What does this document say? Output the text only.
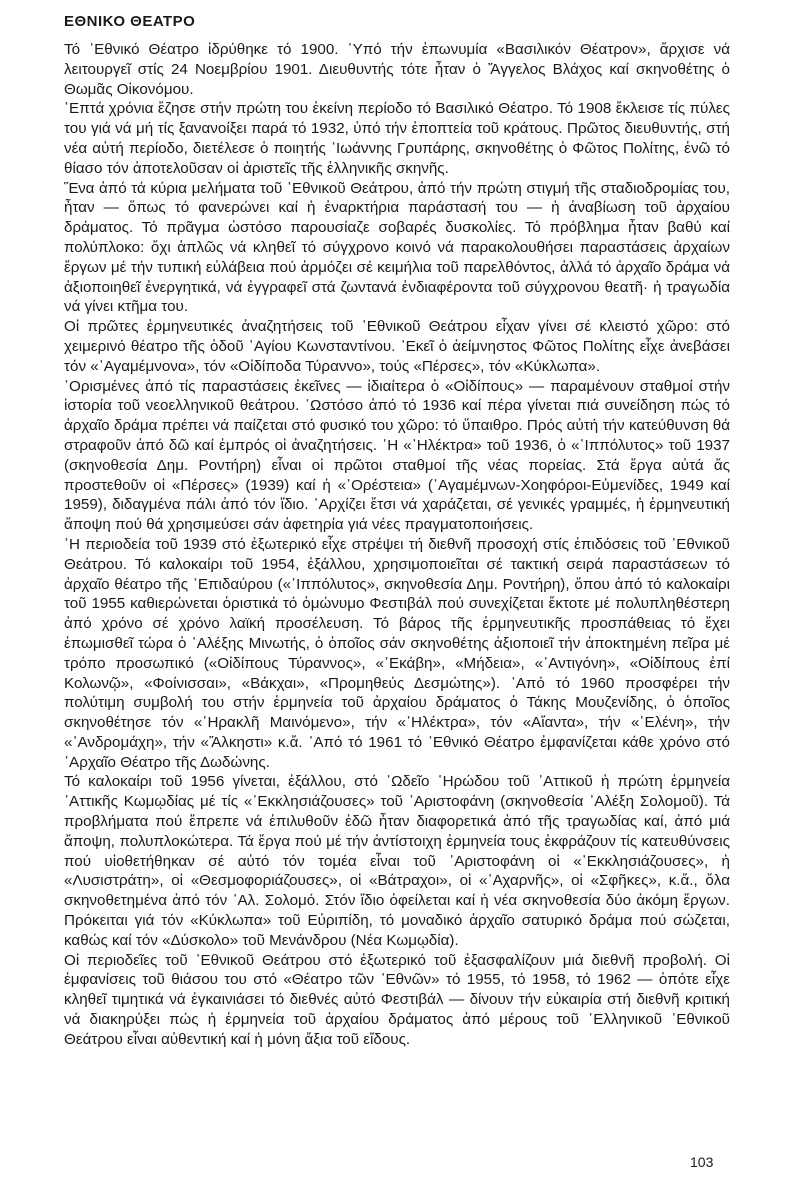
ΕΘΝΙΚΟ ΘΕΑΤΡΟ

Τό ᾿Εθνικό Θέατρο ἱδρύθηκε τό 1900. ῾Υπό τήν ἐπωνυμία «Βασιλικόν Θέατρον», ἄρχισε νά λειτουργεῖ στίς 24 Νοεμβρίου 1901. Διευθυντής τότε ἦταν ὁ Ἄγγελος Βλάχος καί σκηνοθέτης ὁ Θωμᾶς Οἰκονόμου.

῾Επτά χρόνια ἔζησε στήν πρώτη του ἐκείνη περίοδο τό Βασιλικό Θέατρο. Τό 1908 ἔκλεισε τίς πύλες του γιά νά μή τίς ξανανοίξει παρά τό 1932, ὑπό τήν ἐποπτεία τοῦ κράτους. Πρῶτος διευθυντής, στή νέα αὐτή περίοδο, διετέλεσε ὁ ποιητής ᾿Ιωάννης Γρυπάρης, σκηνοθέτης ὁ Φῶτος Πολίτης, ἐνῶ τό θίασο τόν ἀποτελοῦσαν οἱ ἀριστεῖς τῆς ἑλληνικῆς σκηνῆς.

Ἕνα ἀπό τά κύρια μελήματα τοῦ ᾿Εθνικοῦ Θεάτρου, ἀπό τήν πρώτη στιγμή τῆς σταδιοδρομίας του, ἦταν — ὅπως τό φανερώνει καί ἡ ἐναρκτήρια παράστασή του — ἡ ἀναβίωση τοῦ ἀρχαίου δράματος. Τό πρᾶγμα ὡστόσο παρουσίαζε σοβαρές δυσκολίες. Τό πρόβλημα ἦταν βαθύ καί πολύπλοκο: ὄχι ἁπλῶς νά κληθεῖ τό σύγχρονο κοινό νά παρακολουθήσει παραστάσεις ἀρχαίων ἔργων μέ τήν τυπική εὐλάβεια πού ἁρμόζει σέ κειμήλια τοῦ παρελθόντος, ἀλλά τό ἀρχαῖο δράμα νά ἀξιοποιηθεῖ ἐνεργητικά, νά ἐγγραφεῖ στά ζωντανά ἐνδιαφέροντα τοῦ σύγχρονου θεατῆ· ἡ τραγωδία νά γίνει κτῆμα του.

Οἱ πρῶτες ἑρμηνευτικές ἀναζητήσεις τοῦ ᾿Εθνικοῦ Θεάτρου εἶχαν γίνει σέ κλειστό χῶρο: στό χειμερινό θέατρο τῆς ὁδοῦ ῾Αγίου Κωνσταντίνου. ᾿Εκεῖ ὁ ἀείμνηστος Φῶτος Πολίτης εἶχε ἀνεβάσει τόν «᾿Αγαμέμνονα», τόν «Οἰδίποδα Τύραννο», τούς «Πέρσες», τόν «Κύκλωπα».

῾Ορισμένες ἀπό τίς παραστάσεις ἐκεῖνες — ἰδιαίτερα ὁ «Οἰδίπους» — παραμένουν σταθμοί στήν ἱστορία τοῦ νεοελληνικοῦ θεάτρου. ῾Ωστόσο ἀπό τό 1936 καί πέρα γίνεται πιά συνείδηση πώς τό ἀρχαῖο δράμα πρέπει νά παίζεται στό φυσικό του χῶρο: τό ὕπαιθρο. Πρός αὐτή τήν κατεύθυνση θά στραφοῦν ἀπό δῶ καί ἐμπρός οἱ ἀναζητήσεις. ῾Η «᾿Ηλέκτρα» τοῦ 1936, ὁ «῾Ιππόλυτος» τοῦ 1937 (σκηνοθεσία Δημ. Ροντήρη) εἶναι οἱ πρῶτοι σταθμοί τῆς νέας πορείας. Στά ἔργα αὐτά ἄς προστεθοῦν οἱ «Πέρσες» (1939) καί ἡ «᾿Ορέστεια» (᾿Αγαμέμνων-Χοηφόροι-Εὐμενίδες, 1949 καί 1959), διδαγμένα πάλι ἀπό τόν ἴδιο. ᾿Αρχίζει ἔτσι νά χαράζεται, σέ γενικές γραμμές, ἡ ἑρμηνευτική ἄποψη πού θά χρησιμεύσει σάν ἀφετηρία γιά νέες πραγματοποιήσεις.

῾Η περιοδεία τοῦ 1939 στό ἐξωτερικό εἶχε στρέψει τή διεθνῆ προσοχή στίς ἐπιδόσεις τοῦ ᾿Εθνικοῦ Θεάτρου. Τό καλοκαίρι τοῦ 1954, ἐξάλλου, χρησιμοποιεῖται σέ τακτική σειρά παραστάσεων τό ἀρχαῖο θέατρο τῆς ᾿Επιδαύρου («῾Ιππόλυτος», σκηνοθεσία Δημ. Ροντήρη), ὅπου ἀπό τό καλοκαίρι τοῦ 1955 καθιερώνεται ὁριστικά τό ὁμώνυμο Φεστιβάλ πού συνεχίζεται ἔκτοτε μέ πολυπληθέστερη ἀπό χρόνο σέ χρόνο λαϊκή προσέλευση. Τό βάρος τῆς ἑρμηνευτικῆς προσπάθειας τό ἔχει ἐπωμισθεῖ τώρα ὁ ᾿Αλέξης Μινωτής, ὁ ὁποῖος σάν σκηνοθέτης ἀξιοποιεῖ τήν ἀποκτημένη πεῖρα μέ τρόπο προσωπικό («Οἰδίπους Τύραννος», «᾿Εκάβη», «Μήδεια», «᾿Αντιγόνη», «Οἰδίπους ἐπί Κολωνῷ», «Φοίνισσαι», «Βάκχαι», «Προμηθεύς Δεσμώτης»). ᾿Από τό 1960 προσφέρει τήν πολύτιμη συμβολή του στήν ἑρμηνεία τοῦ ἀρχαίου δράματος ὁ Τάκης Μουζενίδης, ὁ ὁποῖος σκηνοθέτησε τόν «῾Ηρακλῆ Μαινόμενο», τήν «᾿Ηλέκτρα», τόν «Αἴαντα», τήν «῾Ελένη», τήν «᾿Ανδρομάχη», τήν «Ἄλκηστι» κ.ἄ. ᾿Από τό 1961 τό ᾿Εθνικό Θέατρο ἐμφανίζεται κάθε χρόνο στό ᾿Αρχαῖο Θέατρο τῆς Δωδώνης.

Τό καλοκαίρι τοῦ 1956 γίνεται, ἐξάλλου, στό ᾿Ωδεῖο ῾Ηρώδου τοῦ ᾿Αττικοῦ ἡ πρώτη ἑρμηνεία ᾿Αττικῆς Κωμῳδίας μέ τίς «᾿Εκκλησιάζουσες» τοῦ ᾿Αριστοφάνη (σκηνοθεσία ᾿Αλέξη Σολομοῦ). Τά προβλήματα πού ἔπρεπε νά ἐπιλυθοῦν ἐδῶ ἦταν διαφορετικά ἀπό τῆς τραγωδίας καί, ἀπό μιά ἄποψη, πολυπλοκώτερα. Τά ἔργα πού μέ τήν ἀντίστοιχη ἑρμηνεία τους ἐκφράζουν τίς κατευθύνσεις πού υἱοθετήθηκαν σέ αὐτό τόν τομέα εἶναι τοῦ ᾿Αριστοφάνη οἱ «᾿Εκκλησιάζουσες», ἡ «Λυσιστράτη», οἱ «Θεσμοφοριάζουσες», οἱ «Βάτραχοι», οἱ «᾿Αχαρνῆς», οἱ «Σφῆκες», κ.ἄ., ὅλα σκηνοθετημένα ἀπό τόν ᾿Αλ. Σολομό. Στόν ἴδιο ὀφείλεται καί ἡ νέα σκηνοθεσία δύο ἀκόμη ἔργων. Πρόκειται γιά τόν «Κύκλωπα» τοῦ Εὐριπίδη, τό μοναδικό ἀρχαῖο σατυρικό δράμα πού σώζεται, καθώς καί τόν «Δύσκολο» τοῦ Μενάνδρου (Νέα Κωμῳδία).

Οἱ περιοδεῖες τοῦ ᾿Εθνικοῦ Θεάτρου στό ἐξωτερικό τοῦ ἐξασφαλίζουν μιά διεθνῆ προβολή. Οἱ ἐμφανίσεις τοῦ θιάσου του στό «Θέατρο τῶν ᾿Εθνῶν» τό 1955, τό 1958, τό 1962 — ὁπότε εἶχε κληθεῖ τιμητικά νά ἐγκαινιάσει τό διεθνές αὐτό Φεστιβάλ — δίνουν τήν εὐκαιρία στή διεθνῆ κριτική νά διακηρύξει πώς ἡ ἑρμηνεία τοῦ ἀρχαίου δράματος ἀπό μέρους τοῦ ῾Ελληνικοῦ ᾿Εθνικοῦ Θεάτρου εἶναι αὐθεντική καί ἡ μόνη ἄξια τοῦ εἴδους.

103
